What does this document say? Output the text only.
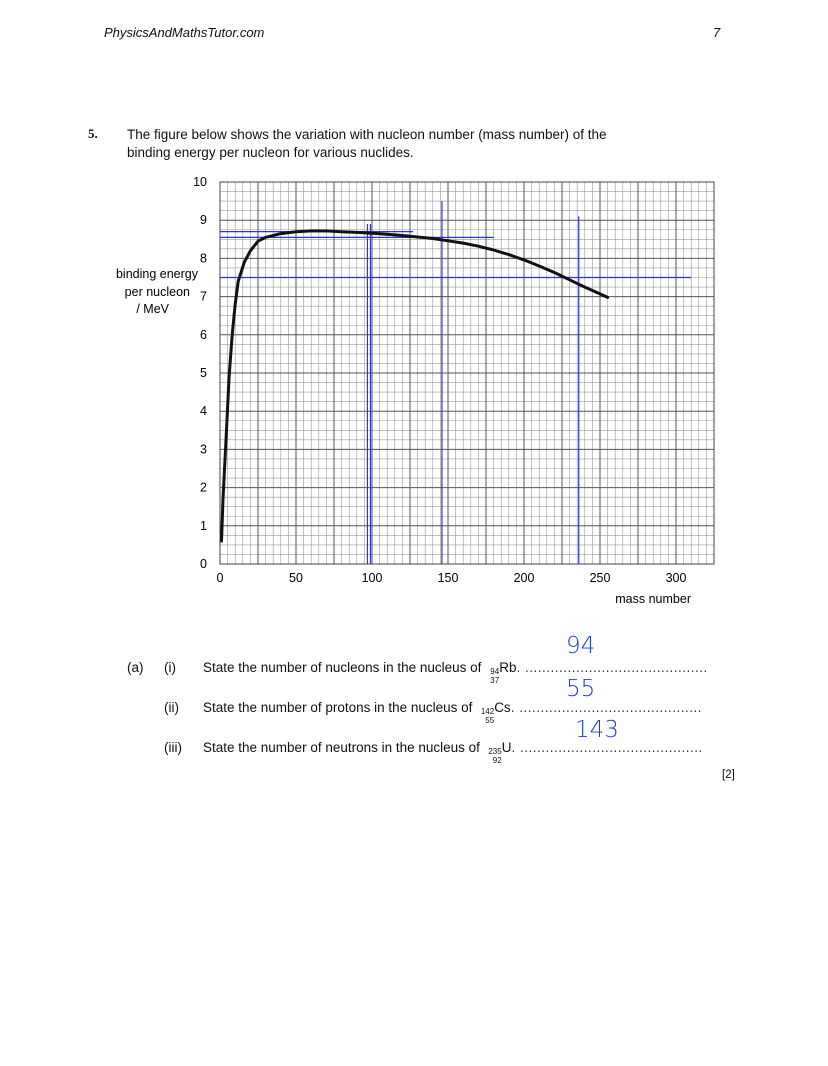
PhysicsAndMathsTutor.com	7
5. The figure below shows the variation with nucleon number (mass number) of the
binding energy per nucleon for various nuclides.
0
1
2
3
4
5
6
7
8
9
10
0	50	100	150	200	250	300
binding energy
per nucleon
/ MeV
mass number
(a) (i) State the number of nucleons in the nucleus of 94
37
Rb. ...........................................
94
(ii) State the number of protons in the nucleus of 142
55
Cs. ...........................................
55
(iii) State the number of neutrons in the nucleus of 235
92
U. ...........................................
143
[2]
